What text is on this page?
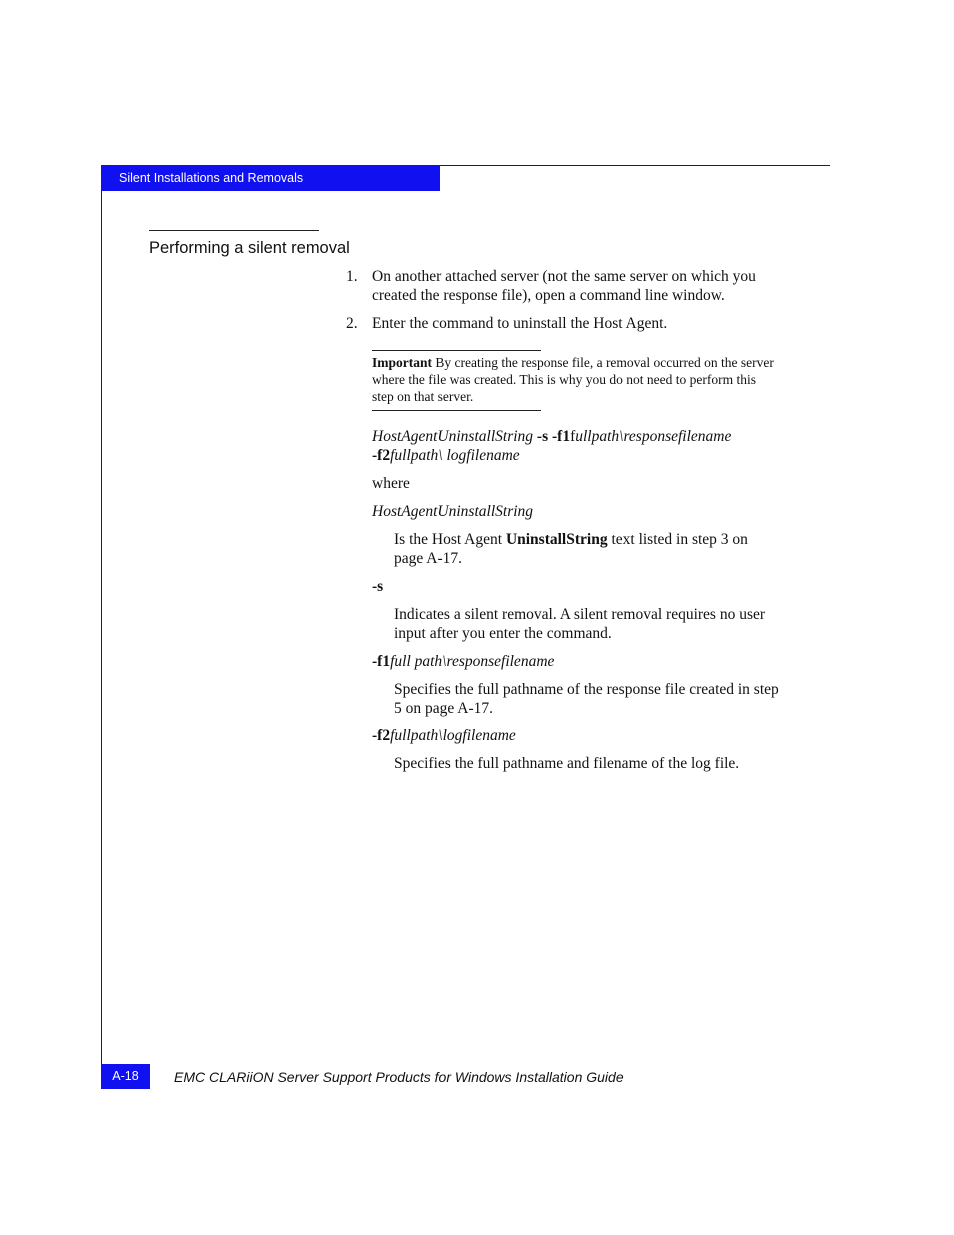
Silent Installations and Removals
Performing a silent removal
1. On another attached server (not the same server on which you
created the response file), open a command line window.
2. Enter the command to uninstall the Host Agent.
Important By creating the response file, a removal occurred on the server
where the file was created. This is why you do not need to perform this
step on that server.
HostAgentUninstallString -s -f1fullpath\responsefilename
-f2fullpath\ logfilename
where
HostAgentUninstallString
Is the Host Agent UninstallString text listed in step 3 on
page A-17.
-s
Indicates a silent removal. A silent removal requires no user
input after you enter the command.
-f1full path\responsefilename
Specifies the full pathname of the response file created in step
5 on page A-17.
-f2fullpath\logfilename
Specifies the full pathname and filename of the log file.
A-18	EMC CLARiiON Server Support Products for Windows Installation Guide
